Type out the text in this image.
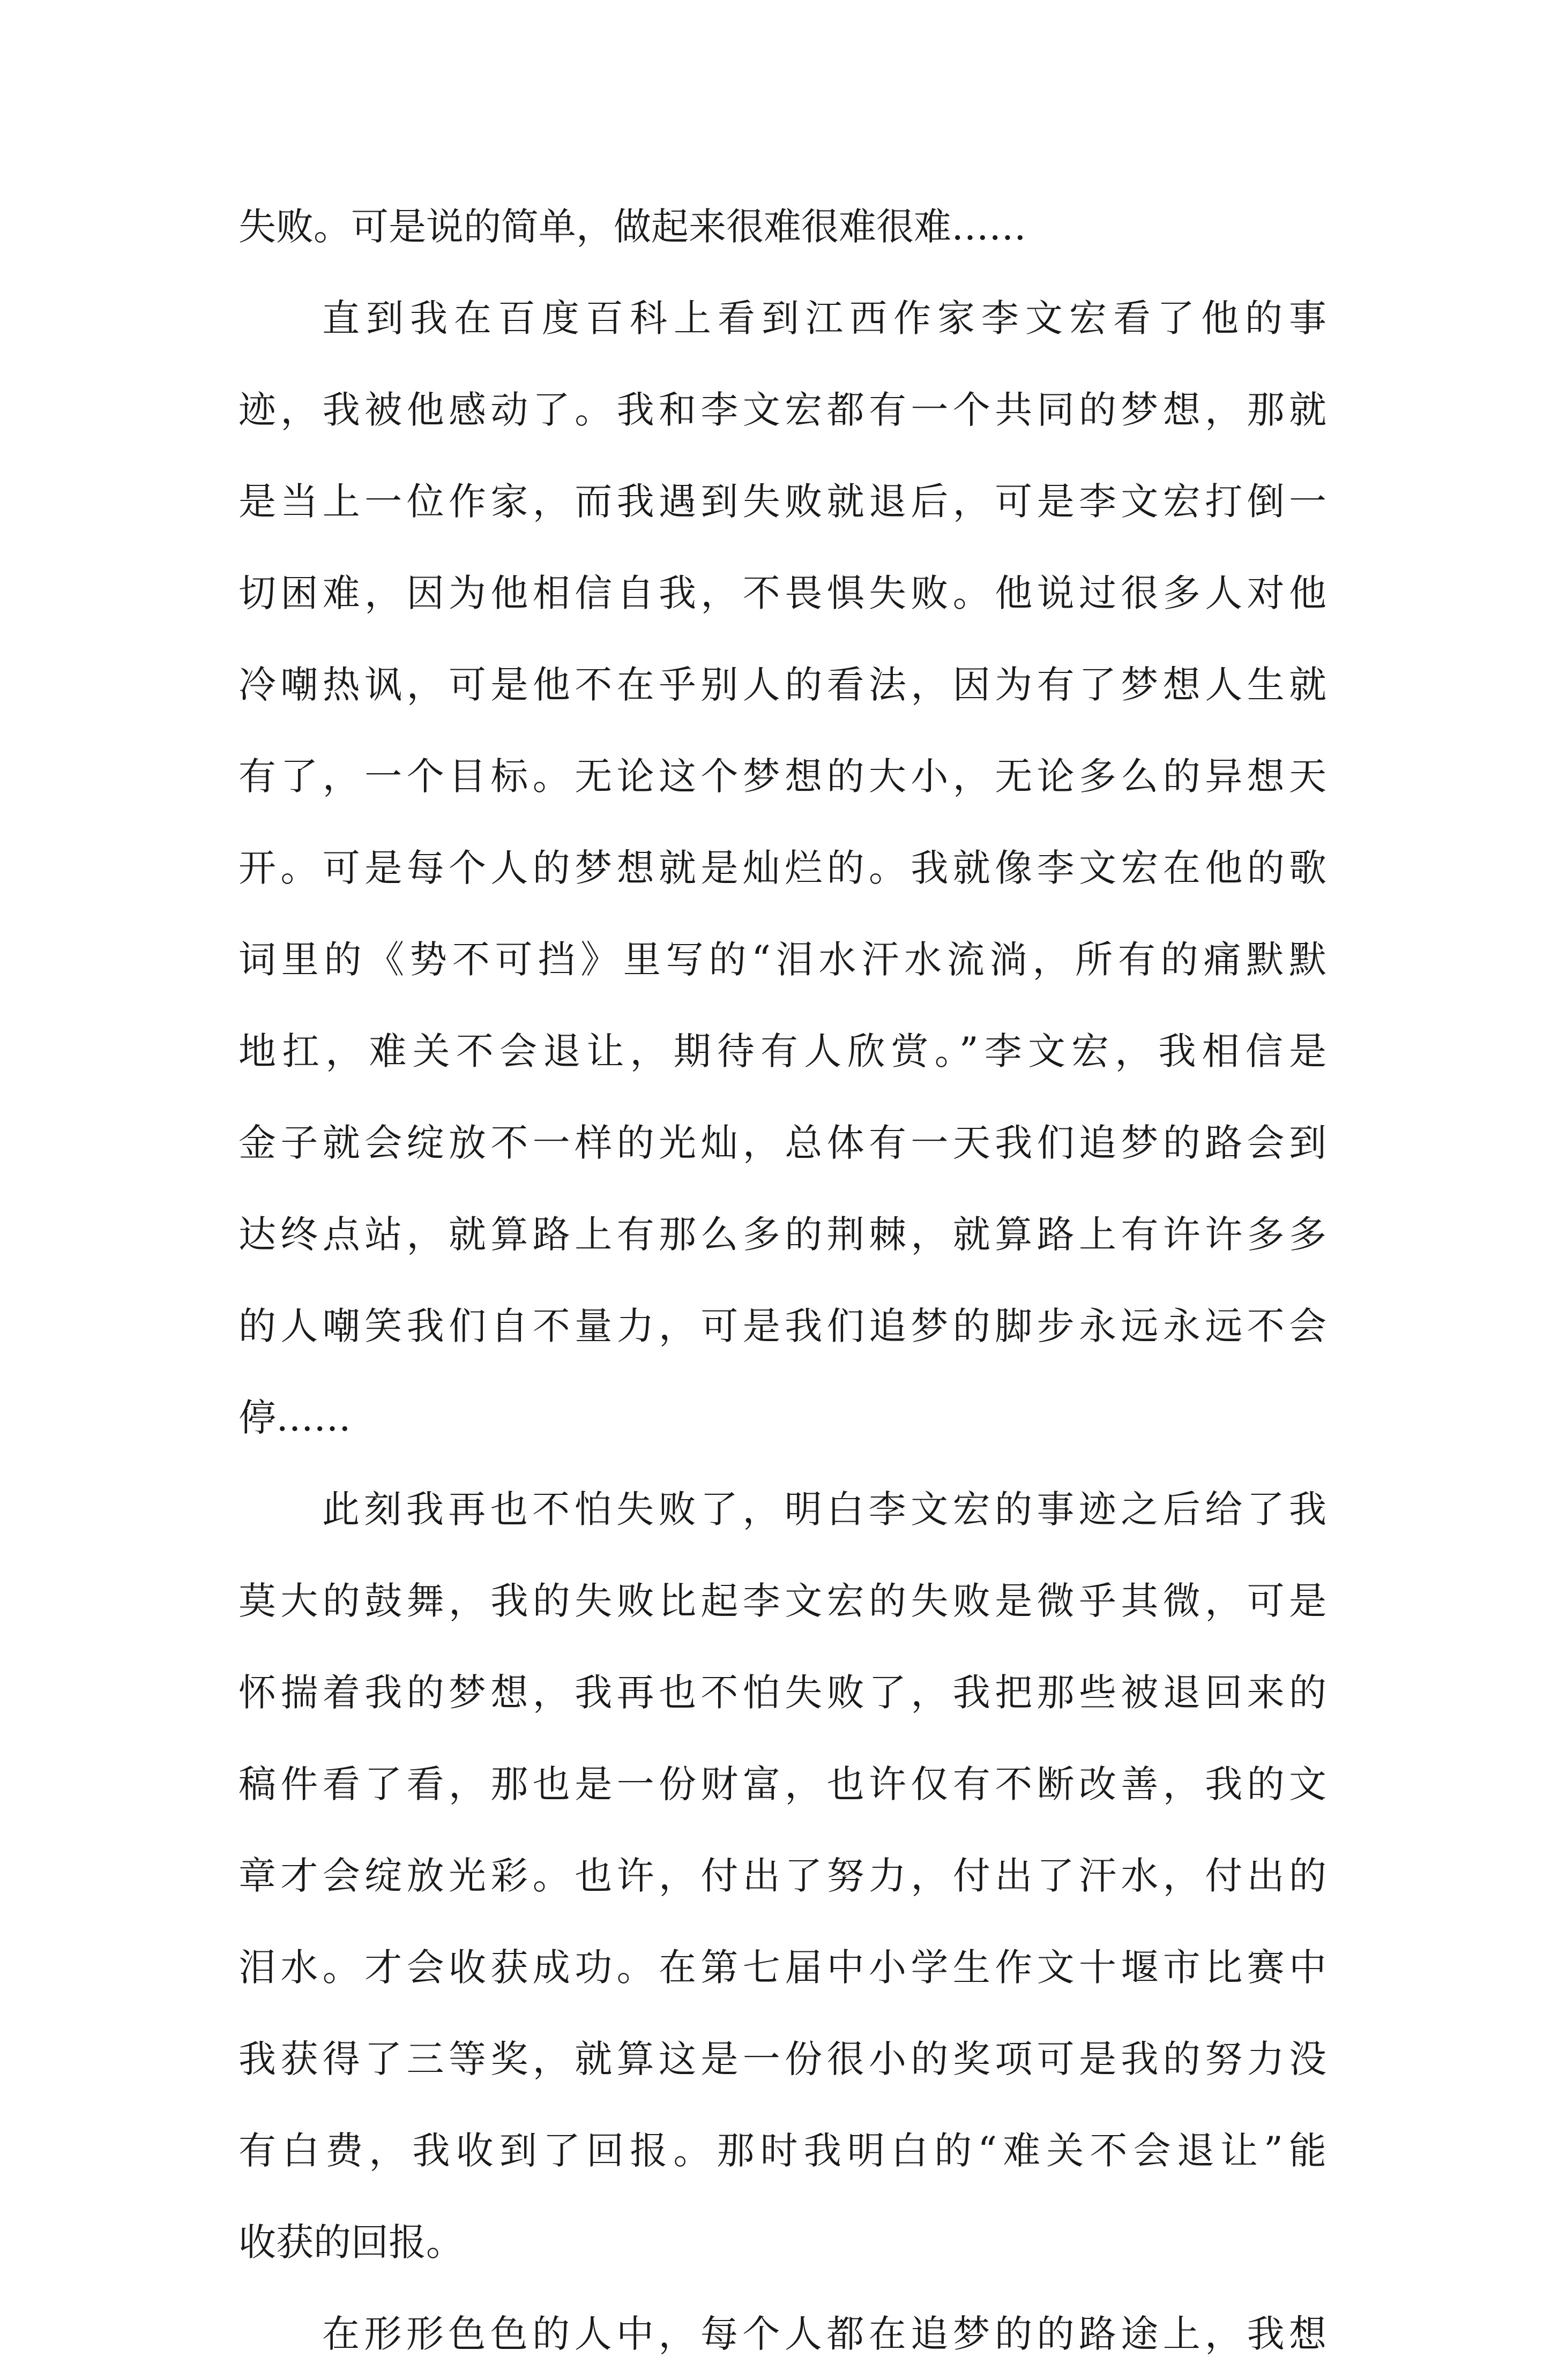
失败。可是说的简单，做起来很难很难很难……
直到我在百度百科上看到江西作家李文宏看了他的事
迹，我被他感动了。我和李文宏都有一个共同的梦想，那就
是当上一位作家，而我遇到失败就退后，可是李文宏打倒一
切困难，因为他相信自我，不畏惧失败。他说过很多人对他
冷嘲热讽，可是他不在乎别人的看法，因为有了梦想人生就
有了，一个目标。无论这个梦想的大小，无论多么的异想天
开。可是每个人的梦想就是灿烂的。我就像李文宏在他的歌
词里的《势不可挡》里写的“泪水汗水流淌，所有的痛默默
地扛，难关不会退让，期待有人欣赏。”李文宏，我相信是
金子就会绽放不一样的光灿，总体有一天我们追梦的路会到
达终点站，就算路上有那么多的荆棘，就算路上有许许多多
的人嘲笑我们自不量力，可是我们追梦的脚步永远永远不会
停……
此刻我再也不怕失败了，明白李文宏的事迹之后给了我
莫大的鼓舞，我的失败比起李文宏的失败是微乎其微，可是
怀揣着我的梦想，我再也不怕失败了，我把那些被退回来的
稿件看了看，那也是一份财富，也许仅有不断改善，我的文
章才会绽放光彩。也许，付出了努力，付出了汗水，付出的
泪水。才会收获成功。在第七届中小学生作文十堰市比赛中
我获得了三等奖，就算这是一份很小的奖项可是我的努力没
有白费，我收到了回报。那时我明白的“难关不会退让”能
收获的回报。
在形形色色的人中，每个人都在追梦的的路途上，我想
